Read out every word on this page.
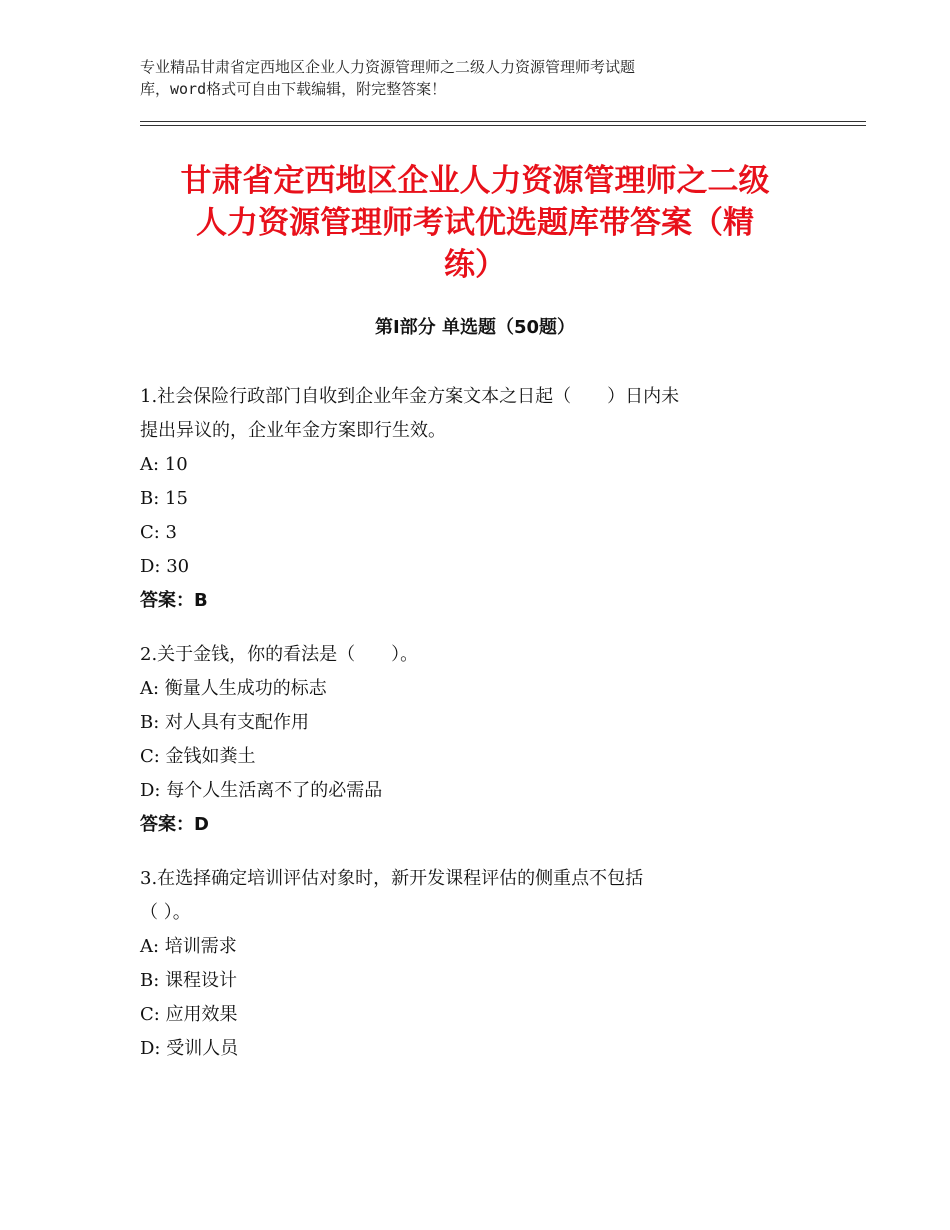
专业精品甘肃省定西地区企业人力资源管理师之二级人力资源管理师考试题
库，word格式可自由下载编辑，附完整答案！
甘肃省定西地区企业人力资源管理师之二级
人力资源管理师考试优选题库带答案（精
练）
第Ⅰ部分 单选题（50题）
1.社会保险行政部门自收到企业年金方案文本之日起（　　）日内未
提出异议的，企业年金方案即行生效。
A: 10
B: 15
C: 3
D: 30
答案：B
2.关于金钱，你的看法是（　　）。
A: 衡量人生成功的标志
B: 对人具有支配作用
C: 金钱如粪土
D: 每个人生活离不了的必需品
答案：D
3.在选择确定培训评估对象时，新开发课程评估的侧重点不包括
（ ）。
A: 培训需求
B: 课程设计
C: 应用效果
D: 受训人员
